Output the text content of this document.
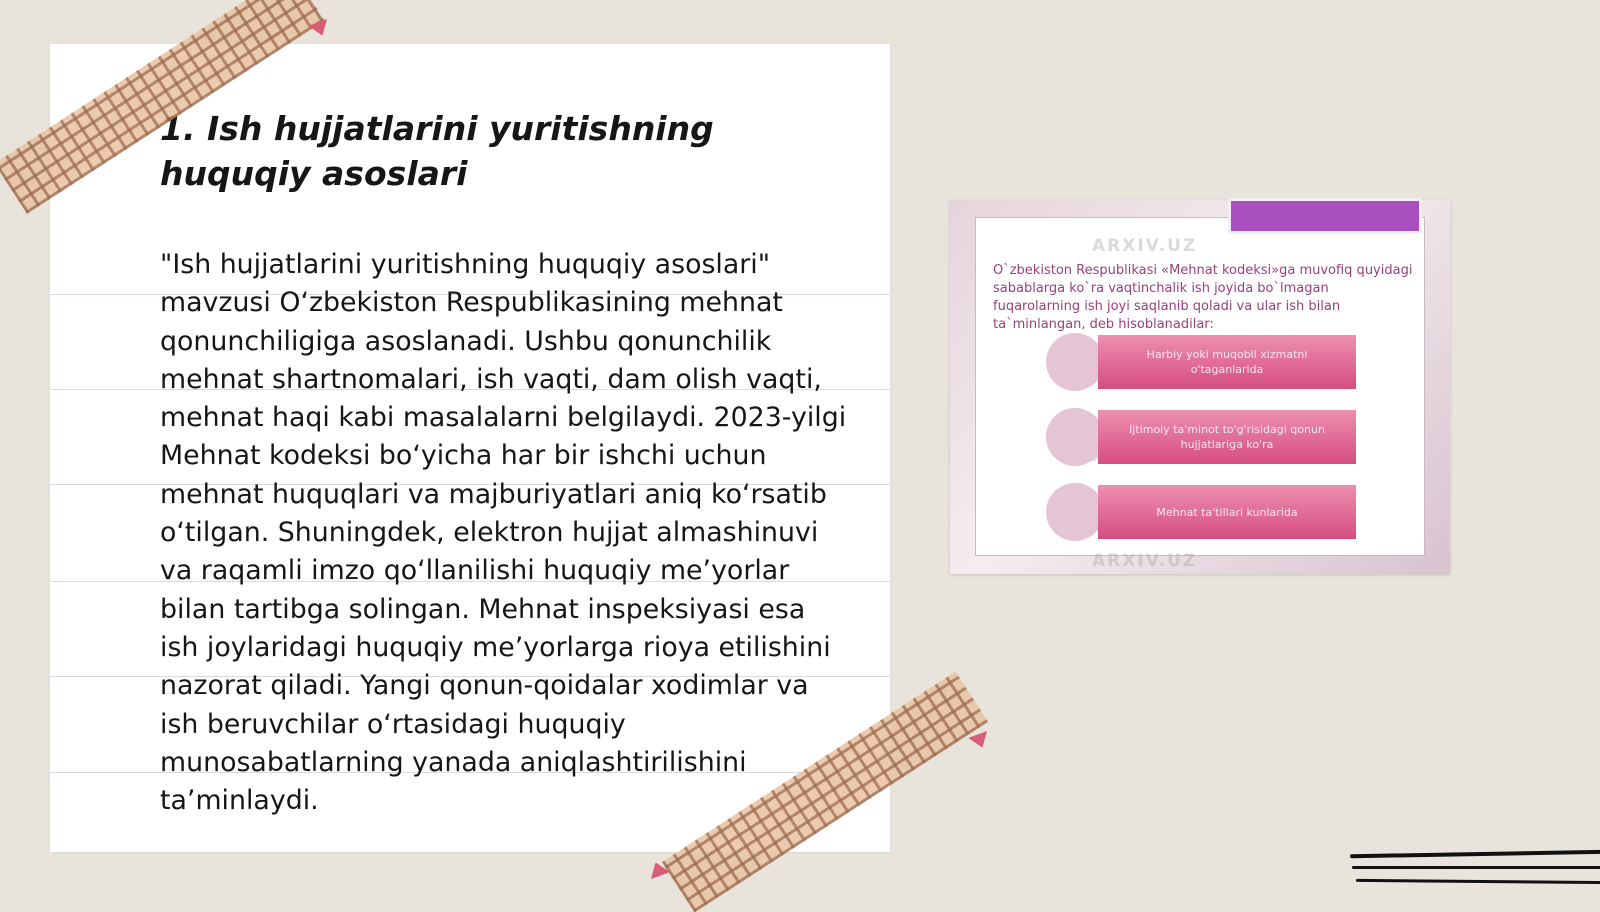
1. Ish hujjatlarini yuritishning huquqiy asoslari
"Ish hujjatlarini yuritishning huquqiy asoslari" mavzusi O‘zbekiston Respublikasining mehnat qonunchiligiga asoslanadi. Ushbu qonunchilik mehnat shartnomalari, ish vaqti, dam olish vaqti, mehnat haqi kabi masalalarni belgilaydi. 2023-yilgi Mehnat kodeksi bo‘yicha har bir ishchi uchun mehnat huquqlari va majburiyatlari aniq ko‘rsatib o‘tilgan. Shuningdek, elektron hujjat almashinuvi va raqamli imzo qo‘llanilishi huquqiy me’yorlar bilan tartibga solingan. Mehnat inspeksiyasi esa ish joylaridagi huquqiy me’yorlarga rioya etilishini nazorat qiladi. Yangi qonun-qoidalar xodimlar va ish beruvchilar o‘rtasidagi huquqiy munosabatlarning yanada aniqlashtirilishini ta’minlaydi.
ARXIV.UZ
ARXIV.UZ
O`zbekiston Respublikasi «Mehnat kodeksi»ga muvofiq quyidagi sabablarga ko`ra vaqtinchalik ish joyida bo`lmagan fuqarolarning ish joyi saqlanib qoladi va ular ish bilan ta`minlangan, deb hisoblanadilar:
Harbiy yoki muqobil xizmatni o'taganlarida
Ijtimoiy ta'minot to'g'risidagi qonun hujjatlariga ko'ra
Mehnat ta'tillari kunlarida
